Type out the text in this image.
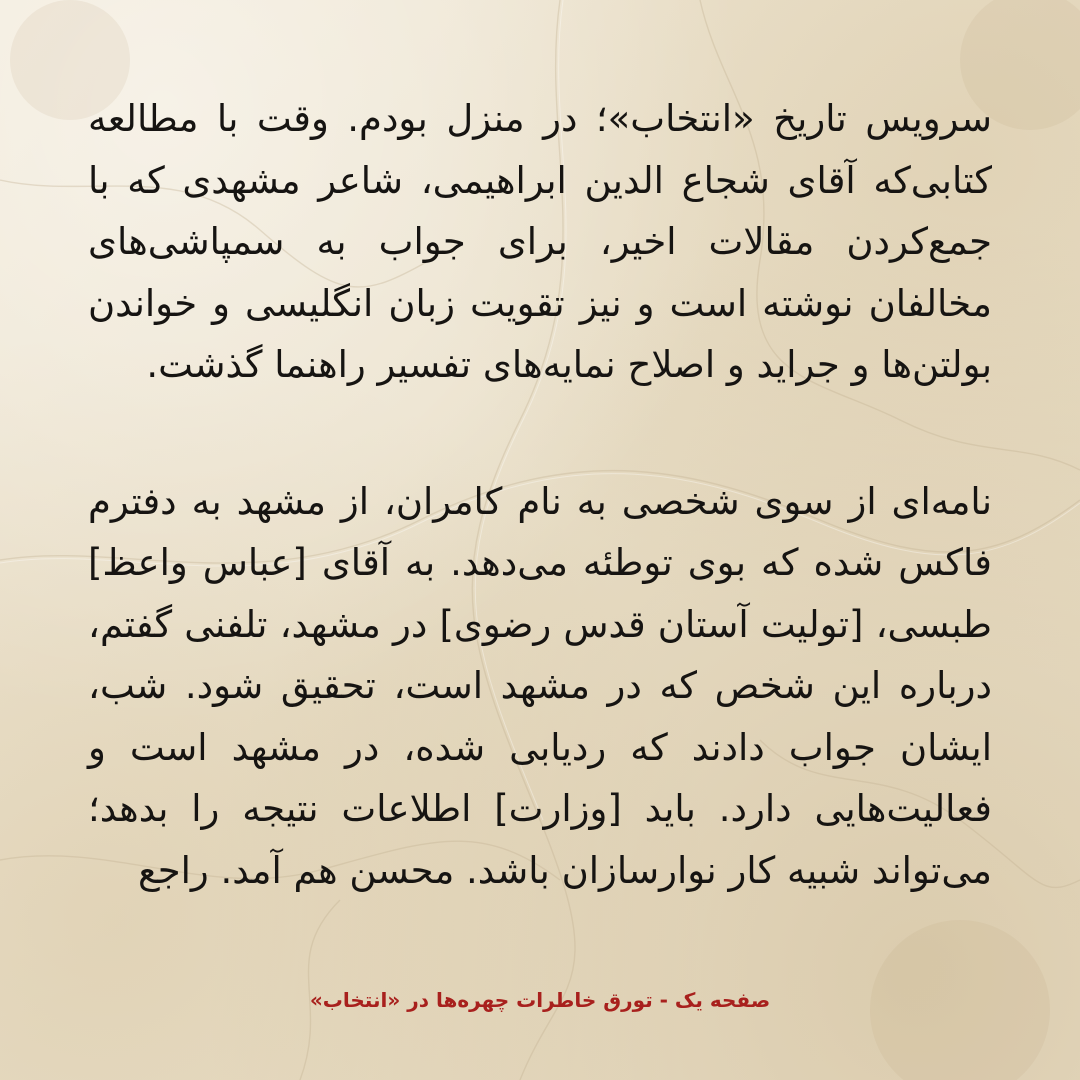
سرویس تاریخ «انتخاب»؛ در منزل بودم. وقت با مطالعه کتابی‌که آقای شجاع الدین ابراهیمی، شاعر مشهدی که با جمع‌کردن مقالات اخیر، برای جواب به سمپاشی‌های مخالفان نوشته است و نیز تقویت زبان انگلیسی و خواندن بولتن‌ها و جراید و اصلاح نمایه‌های تفسیر راهنما گذشت.

نامه‌ای از سوی شخصی به نام کامران، از مشهد به دفترم فاکس شده که بوی توطئه می‌دهد. به آقای [عباس واعظ] طبسی، [تولیت آستان قدس رضوی] در مشهد، تلفنی گفتم، درباره این شخص که در مشهد است، تحقیق شود. شب، ایشان جواب دادند که ردیابی شده، در مشهد است و فعالیت‌هایی دارد. باید [وزارت] اطلاعات نتیجه را بدهد؛ می‌تواند شبیه کار نوارسازان باشد. محسن هم آمد. راجع

صفحه یک - تورق خاطرات چهره‌ها در «انتخاب»
